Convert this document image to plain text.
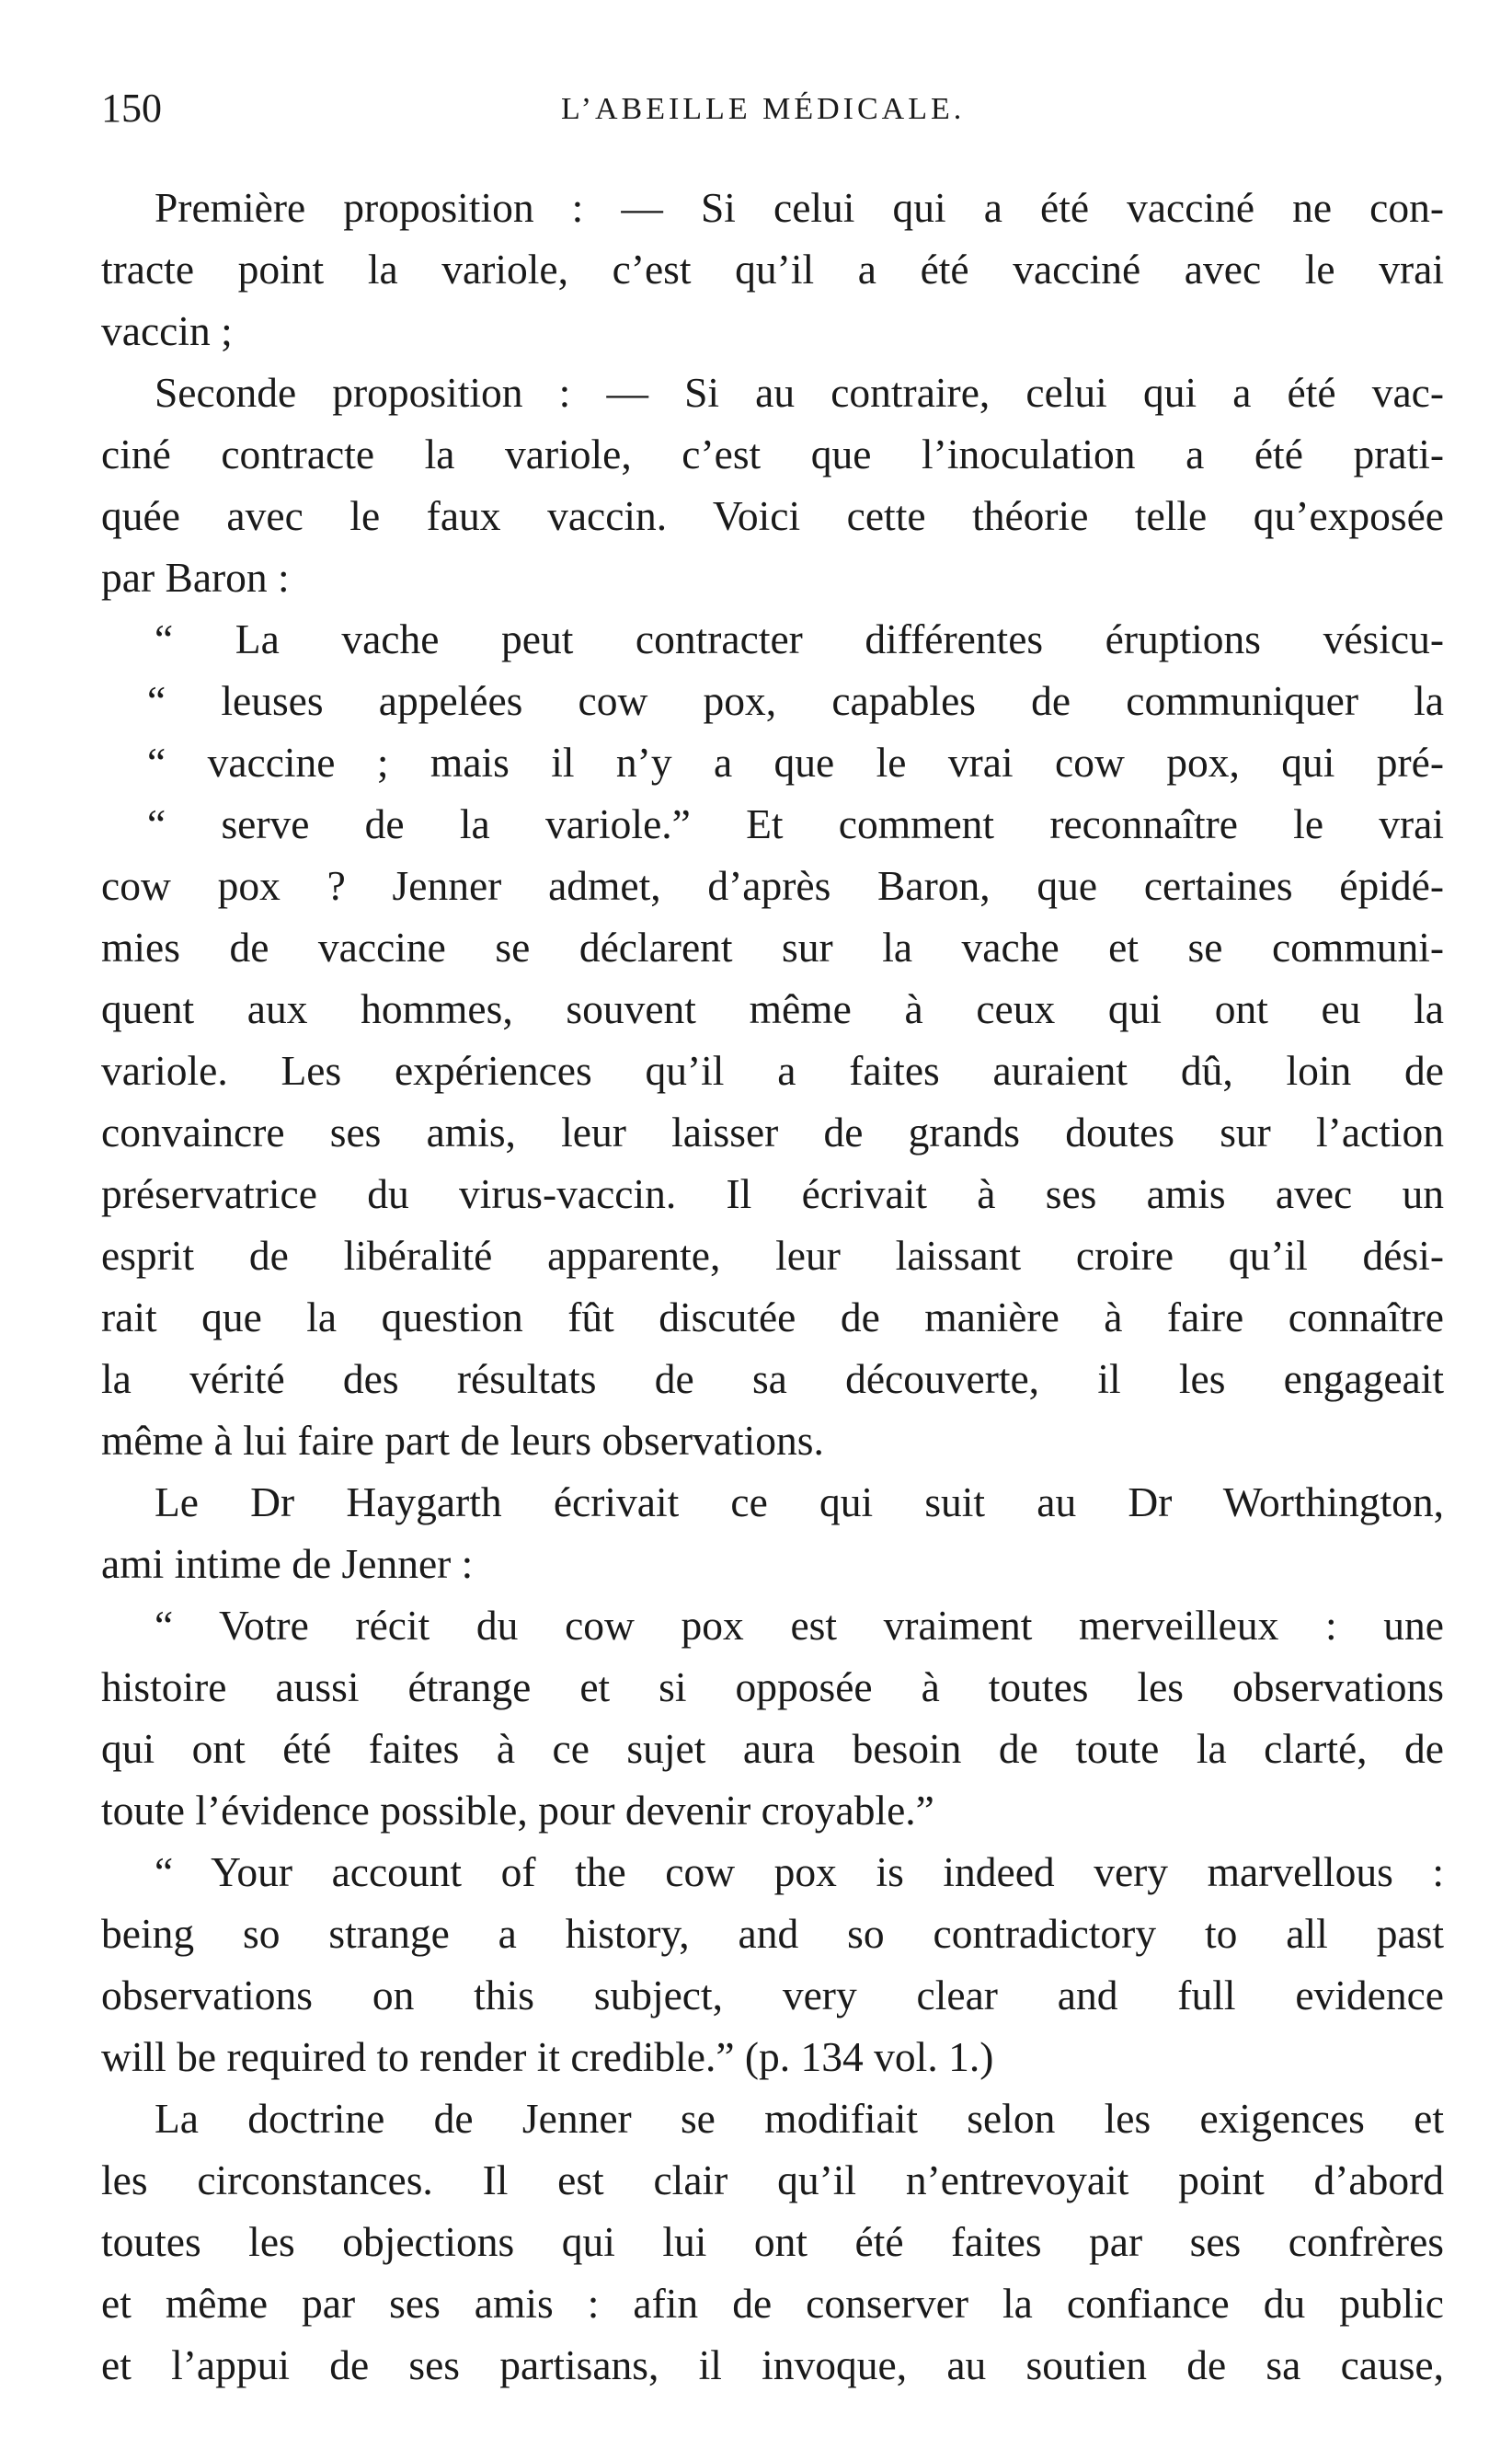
150	L’ABEILLE MÉDICALE.
Première proposition : — Si celui qui a été vacciné ne con-
tracte point la variole, c’est qu’il a été vacciné avec le vrai
vaccin ;
Seconde proposition : — Si au contraire, celui qui a été vac-
ciné contracte la variole, c’est que l’inoculation a été prati-
quée avec le faux vaccin. Voici cette théorie telle qu’exposée
par Baron :
“ La vache peut contracter différentes éruptions vésicu-
“ leuses appelées cow pox, capables de communiquer la
“ vaccine ; mais il n’y a que le vrai cow pox, qui pré-
“ serve de la variole.” Et comment reconnaître le vrai
cow pox ? Jenner admet, d’après Baron, que certaines épidé-
mies de vaccine se déclarent sur la vache et se communi-
quent aux hommes, souvent même à ceux qui ont eu la
variole. Les expériences qu’il a faites auraient dû, loin de
convaincre ses amis, leur laisser de grands doutes sur l’action
préservatrice du virus-vaccin. Il écrivait à ses amis avec un
esprit de libéralité apparente, leur laissant croire qu’il dési-
rait que la question fût discutée de manière à faire connaître
la vérité des résultats de sa découverte, il les engageait
même à lui faire part de leurs observations.
Le Dr Haygarth écrivait ce qui suit au Dr Worthington,
ami intime de Jenner :
“ Votre récit du cow pox est vraiment merveilleux : une
histoire aussi étrange et si opposée à toutes les observations
qui ont été faites à ce sujet aura besoin de toute la clarté, de
toute l’évidence possible, pour devenir croyable.”
“ Your account of the cow pox is indeed very marvellous :
being so strange a history, and so contradictory to all past
observations on this subject, very clear and full evidence
will be required to render it credible.” (p. 134 vol. 1.)
La doctrine de Jenner se modifiait selon les exigences et
les circonstances. Il est clair qu’il n’entrevoyait point d’abord
toutes les objections qui lui ont été faites par ses confrères
et même par ses amis : afin de conserver la confiance du public
et l’appui de ses partisans, il invoque, au soutien de sa cause,
